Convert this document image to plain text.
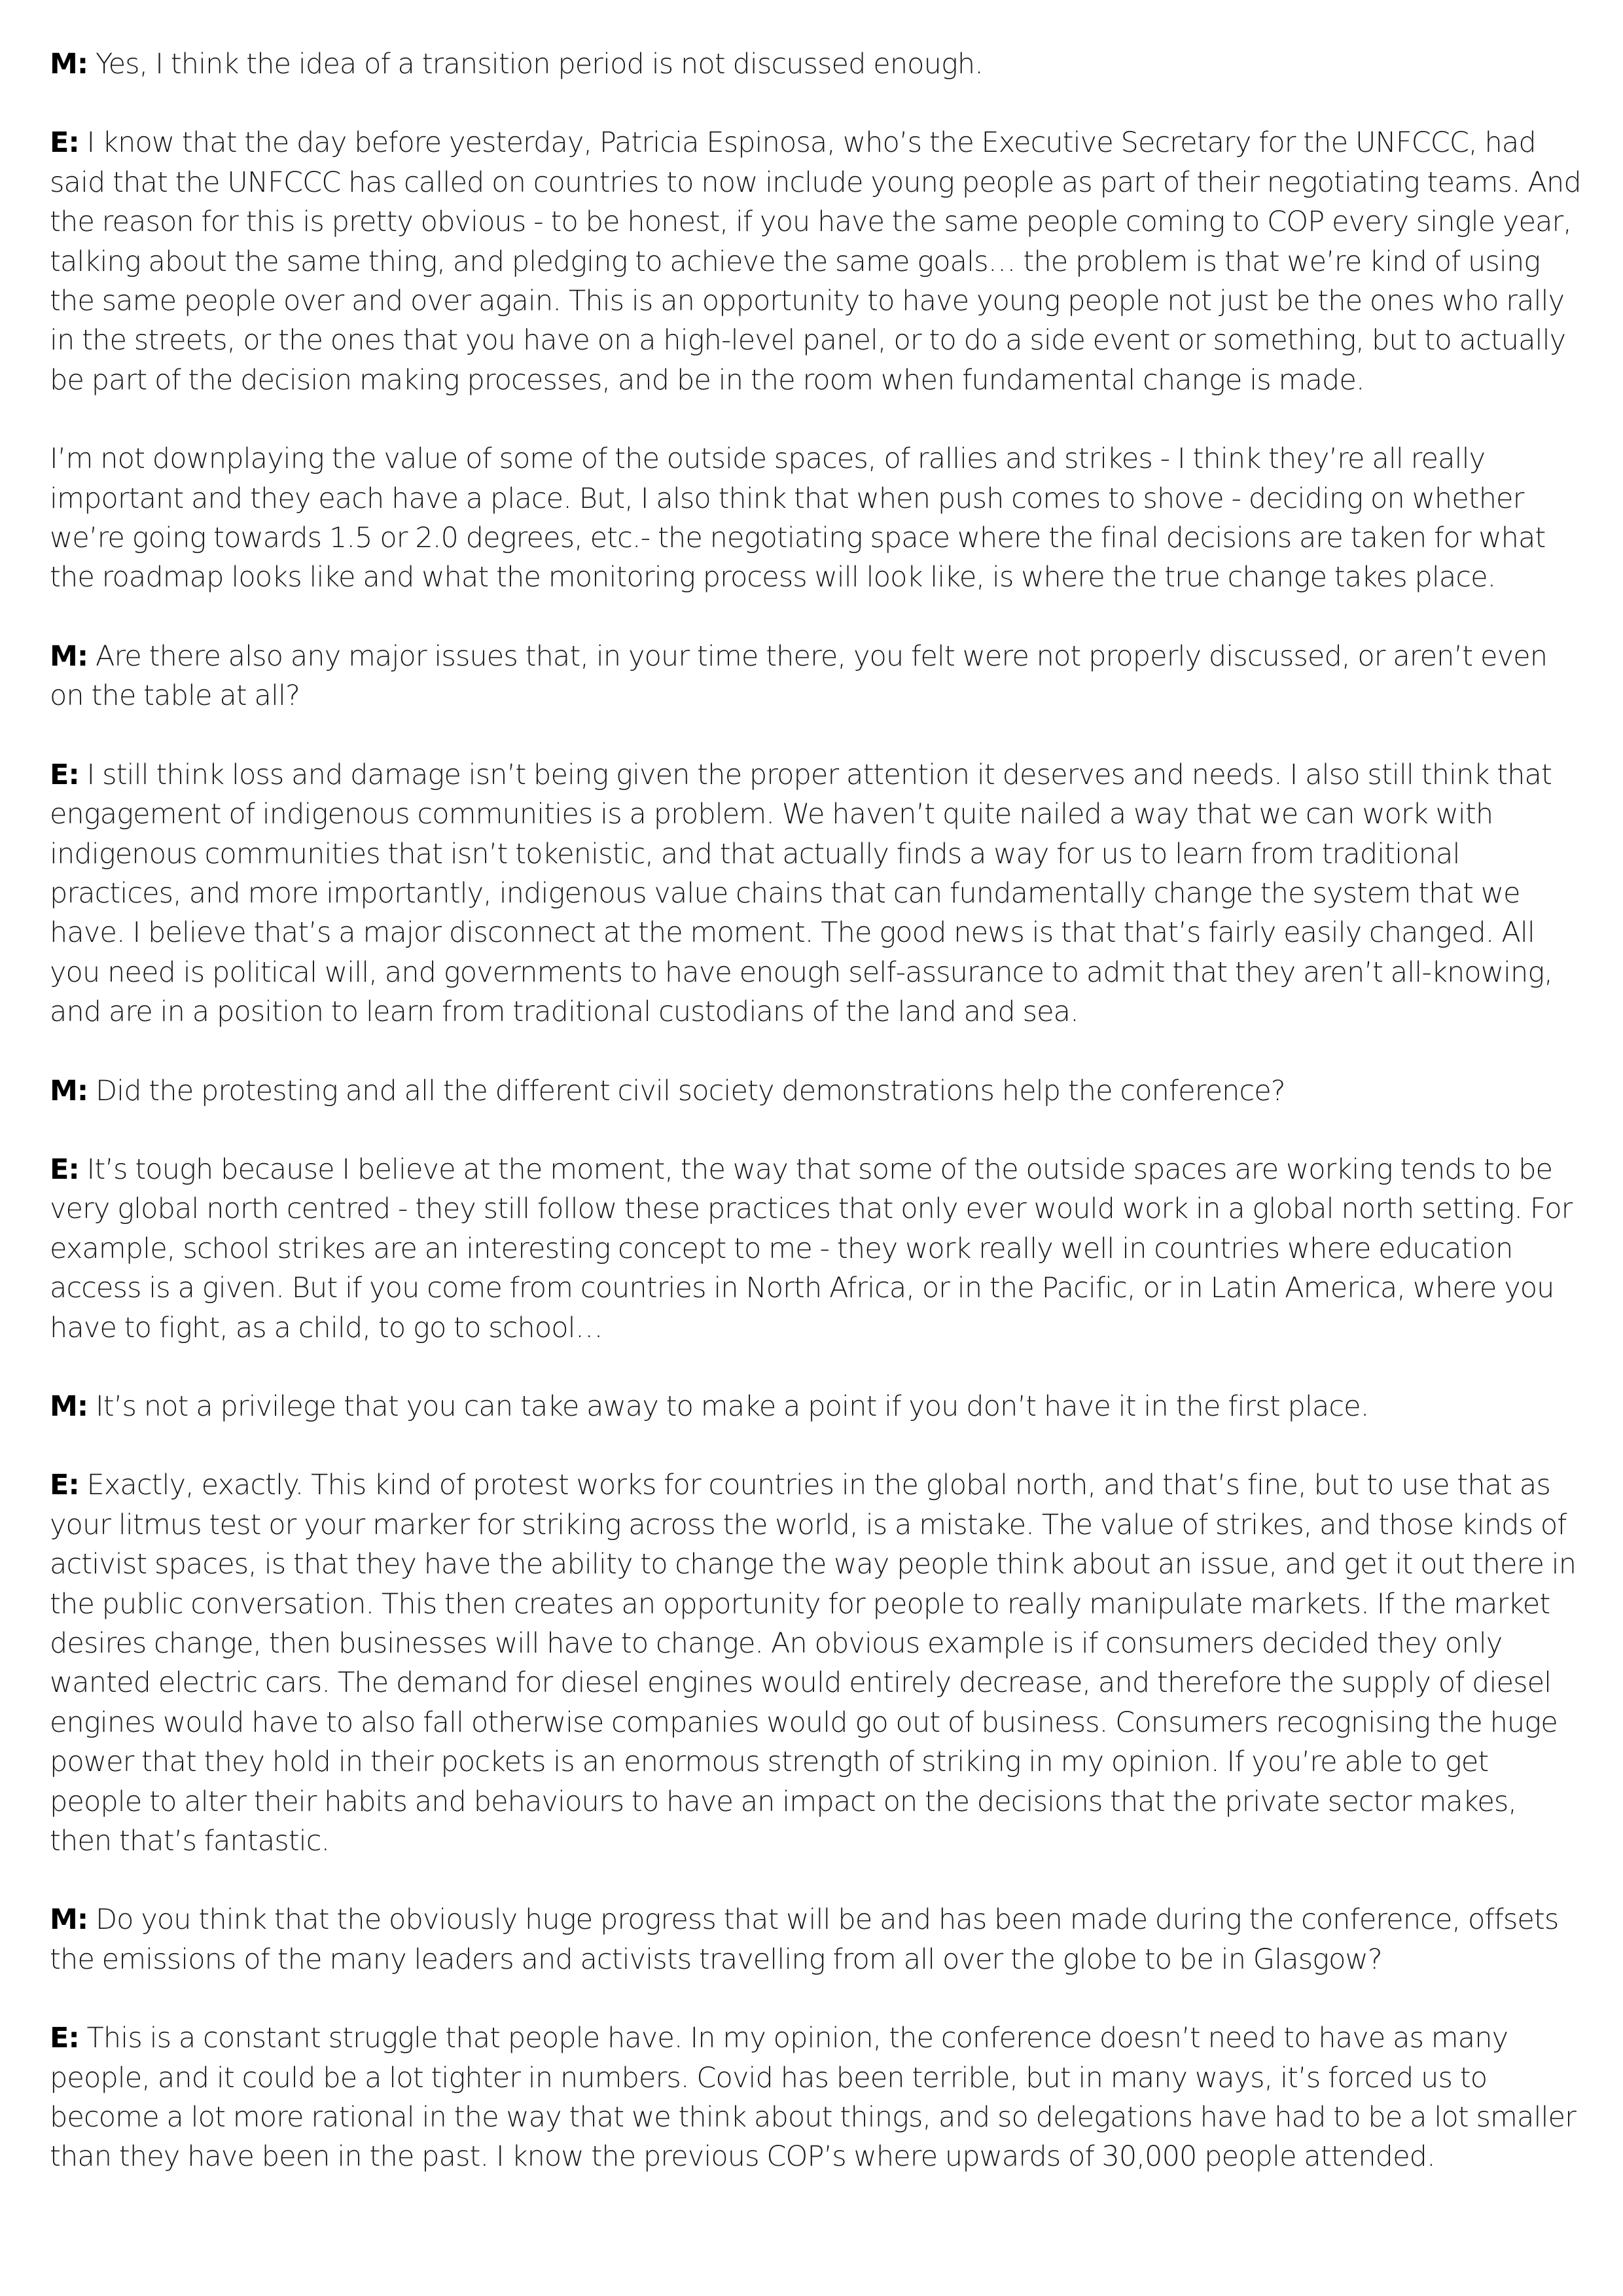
M: Yes, I think the idea of a transition period is not discussed enough.

E: I know that the day before yesterday, Patricia Espinosa, who’s the Executive Secretary for the UNFCCC, had said that the UNFCCC has called on countries to now include young people as part of their negotiating teams. And the reason for this is pretty obvious - to be honest, if you have the same people coming to COP every single year, talking about the same thing, and pledging to achieve the same goals… the problem is that we’re kind of using the same people over and over again. This is an opportunity to have young people not just be the ones who rally in the streets, or the ones that you have on a high-level panel, or to do a side event or something, but to actually be part of the decision making processes, and be in the room when fundamental change is made.

I’m not downplaying the value of some of the outside spaces, of rallies and strikes - I think they’re all really important and they each have a place. But, I also think that when push comes to shove - deciding on whether we’re going towards 1.5 or 2.0 degrees, etc.- the negotiating space where the final decisions are taken for what the roadmap looks like and what the monitoring process will look like, is where the true change takes place.

M: Are there also any major issues that, in your time there, you felt were not properly discussed, or aren’t even on the table at all?

E: I still think loss and damage isn’t being given the proper attention it deserves and needs. I also still think that engagement of indigenous communities is a problem. We haven’t quite nailed a way that we can work with indigenous communities that isn’t tokenistic, and that actually finds a way for us to learn from traditional practices, and more importantly, indigenous value chains that can fundamentally change the system that we have. I believe that’s a major disconnect at the moment. The good news is that that’s fairly easily changed. All you need is political will, and governments to have enough self-assurance to admit that they aren’t all-knowing, and are in a position to learn from traditional custodians of the land and sea.

M: Did the protesting and all the different civil society demonstrations help the conference?

E: It’s tough because I believe at the moment, the way that some of the outside spaces are working tends to be very global north centred - they still follow these practices that only ever would work in a global north setting. For example, school strikes are an interesting concept to me - they work really well in countries where education access is a given. But if you come from countries in North Africa, or in the Pacific, or in Latin America, where you have to fight, as a child, to go to school…

M: It’s not a privilege that you can take away to make a point if you don’t have it in the first place.

E: Exactly, exactly. This kind of protest works for countries in the global north, and that’s fine, but to use that as your litmus test or your marker for striking across the world, is a mistake. The value of strikes, and those kinds of activist spaces, is that they have the ability to change the way people think about an issue, and get it out there in the public conversation. This then creates an opportunity for people to really manipulate markets. If the market desires change, then businesses will have to change. An obvious example is if consumers decided they only wanted electric cars. The demand for diesel engines would entirely decrease, and therefore the supply of diesel engines would have to also fall otherwise companies would go out of business. Consumers recognising the huge power that they hold in their pockets is an enormous strength of striking in my opinion. If you’re able to get people to alter their habits and behaviours to have an impact on the decisions that the private sector makes, then that’s fantastic.

M: Do you think that the obviously huge progress that will be and has been made during the conference, offsets the emissions of the many leaders and activists travelling from all over the globe to be in Glasgow?

E: This is a constant struggle that people have. In my opinion, the conference doesn’t need to have as many people, and it could be a lot tighter in numbers. Covid has been terrible, but in many ways, it’s forced us to become a lot more rational in the way that we think about things, and so delegations have had to be a lot smaller than they have been in the past. I know the previous COP’s where upwards of 30,000 people attended.
